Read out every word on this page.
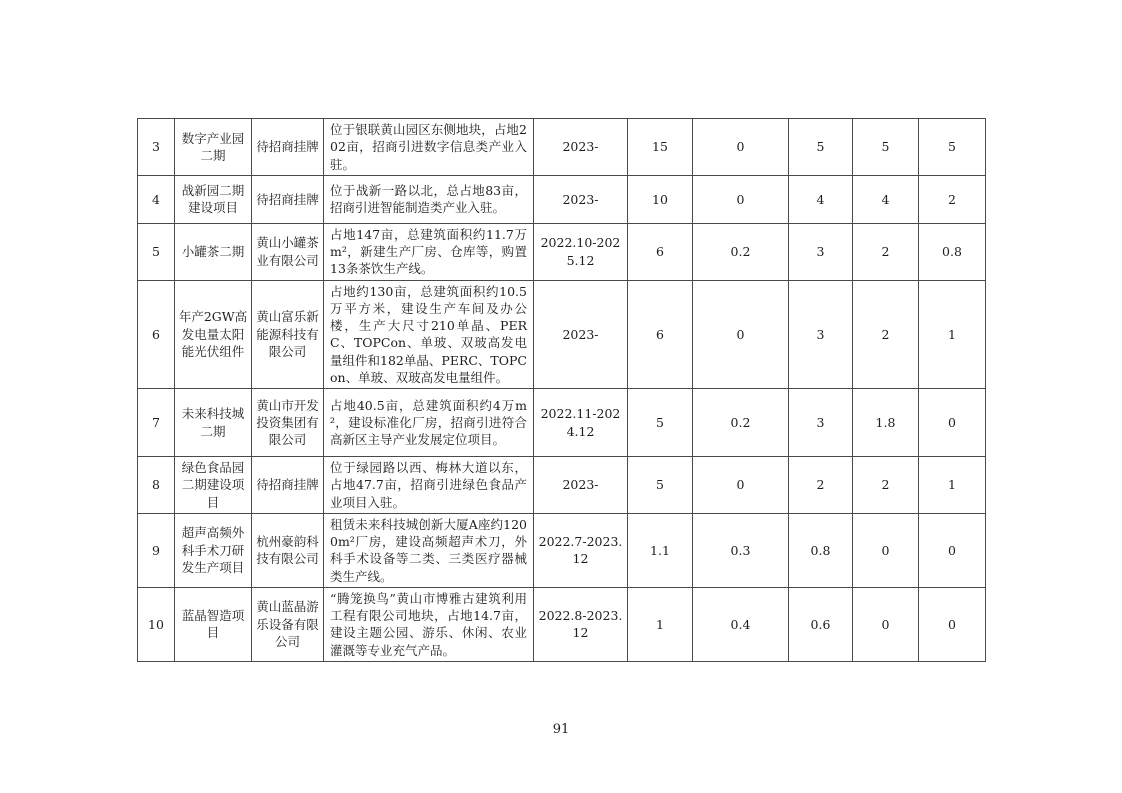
3	数字产业园二期	待招商挂牌	位于银联黄山园区东侧地块，占地202亩，招商引进数字信息类产业入驻。	2023-	15	0	5	5	5
4	战新园二期建设项目	待招商挂牌	位于战新一路以北，总占地83亩，招商引进智能制造类产业入驻。	2023-	10	0	4	4	2
5	小罐茶二期	黄山小罐茶业有限公司	占地147亩，总建筑面积约11.7万m²，新建生产厂房、仓库等，购置13条茶饮生产线。	2022.10-2025.12	6	0.2	3	2	0.8
6	年产2GW高发电量太阳能光伏组件	黄山富乐新能源科技有限公司	占地约130亩，总建筑面积约10.5万平方米，建设生产车间及办公楼，生产大尺寸210单晶、PERC、TOPCon、单玻、双玻高发电量组件和182单晶、PERC、TOPCon、单玻、双玻高发电量组件。	2023-	6	0	3	2	1
7	未来科技城二期	黄山市开发投资集团有限公司	占地40.5亩，总建筑面积约4万m²，建设标准化厂房，招商引进符合高新区主导产业发展定位项目。	2022.11-2024.12	5	0.2	3	1.8	0
8	绿色食品园二期建设项目	待招商挂牌	位于绿园路以西、梅林大道以东，占地47.7亩，招商引进绿色食品产业项目入驻。	2023-	5	0	2	2	1
9	超声高频外科手术刀研发生产项目	杭州豪韵科技有限公司	租赁未来科技城创新大厦A座约1200m²厂房，建设高频超声术刀，外科手术设备等二类、三类医疗器械类生产线。	2022.7-2023.12	1.1	0.3	0.8	0	0
10	蓝晶智造项目	黄山蓝晶游乐设备有限公司	“腾笼换鸟”黄山市博雅古建筑利用工程有限公司地块，占地14.7亩，建设主题公园、游乐、休闲、农业灌溉等专业充气产品。	2022.8-2023.12	1	0.4	0.6	0	0
91
